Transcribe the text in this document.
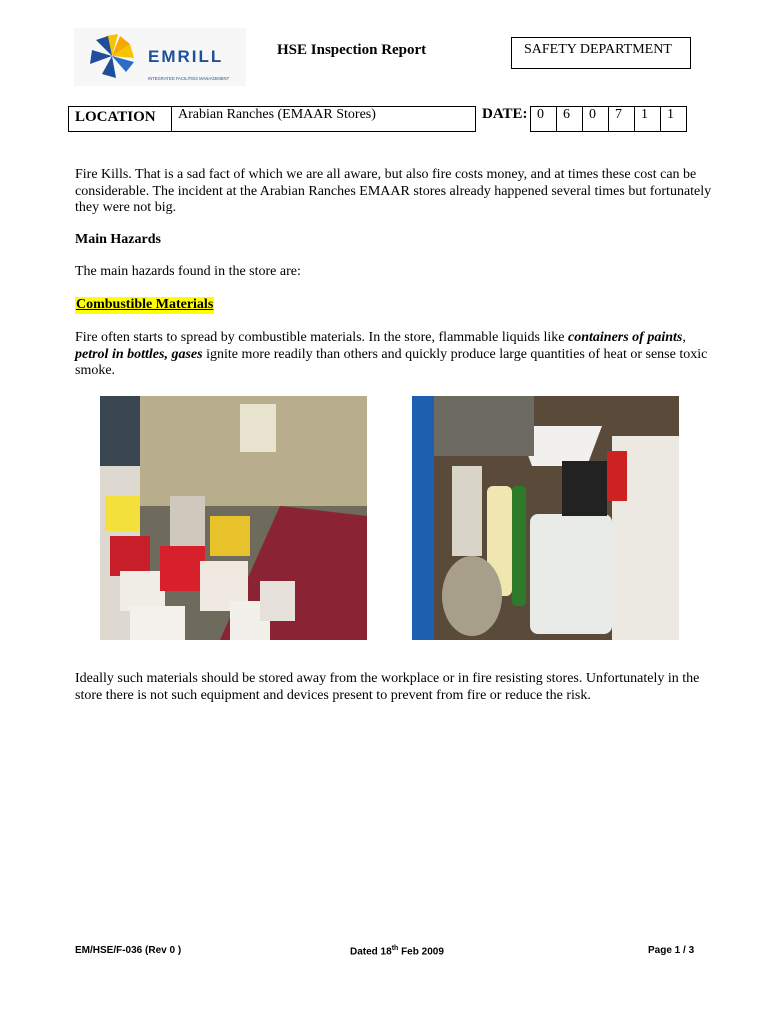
EMRILL
INTEGRATED FACILITIES MANAGEMENT
HSE Inspection Report	SAFETY DEPARTMENT
LOCATION	Arabian Ranches (EMAAR Stores)	DATE: 0	6	0	7	1	1
Fire Kills. That is a sad fact of which we are all aware, but also fire costs money, and at times these cost can be considerable. The incident at the Arabian Ranches EMAAR stores already happened several times but fortunately they were not big.
Main Hazards
The main hazards found in the store are:
Combustible Materials
Fire often starts to spread by combustible materials. In the store, flammable liquids like containers of paints, petrol in bottles, gases ignite more readily than others and quickly produce large quantities of heat or sense toxic smoke.
Ideally such materials should be stored away from the workplace or in fire resisting stores. Unfortunately in the store there is not such equipment and devices present to prevent from fire or reduce the risk.
EM/HSE/F-036 (Rev 0 )	Dated 18th Feb 2009	Page 1 / 3
